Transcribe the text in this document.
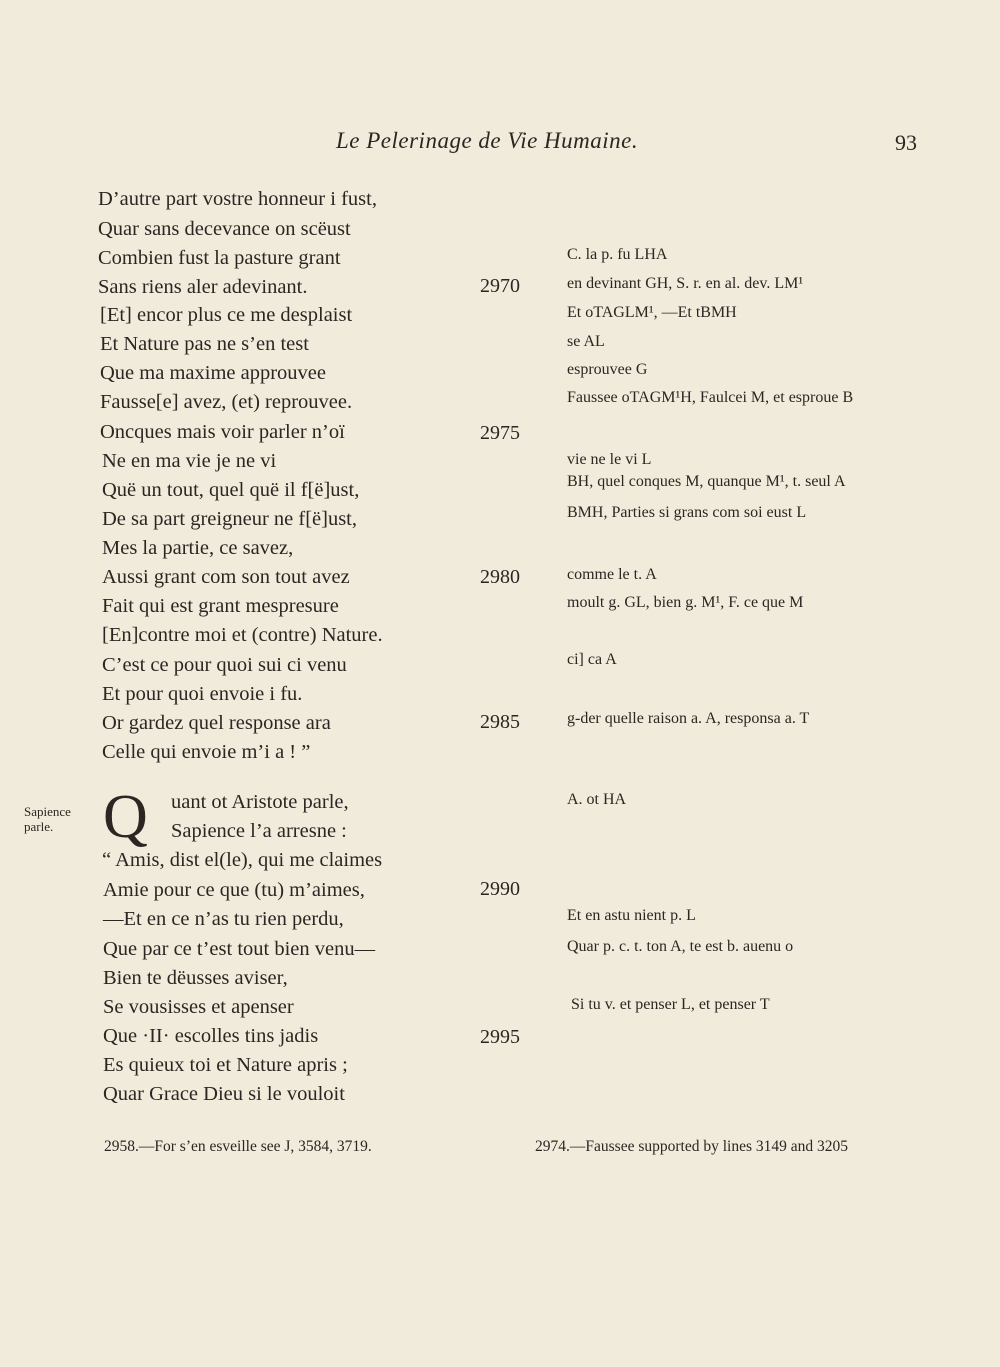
Le Pelerinage de Vie Humaine.	93
D’autre part vostre honneur i fust,
Quar sans decevance on scëust
Combien fust la pasture grant
Sans riens aler adevinant.
[Et] encor plus ce me desplaist
Et Nature pas ne s’en test
Que ma maxime approuvee
Fausse[e] avez, (et) reprouvee.
Oncques mais voir parler n’oï
Ne en ma vie je ne vi
Quë un tout, quel quë il f[ë]ust,
De sa part greigneur ne f[ë]ust,
Mes la partie, ce savez,
Aussi grant com son tout avez
Fait qui est grant mespresure
[En]contre moi et (contre) Nature.
C’est ce pour quoi sui ci venu
Et pour quoi envoie i fu.
Or gardez quel response ara
Celle qui envoie m’i a ! ”
Sapience
parle. Q uant ot Aristote parle,
Sapience l’a arresne :
“ Amis, dist el(le), qui me claimes
Amie pour ce que (tu) m’aimes,
—Et en ce n’as tu rien perdu,
Que par ce t’est tout bien venu—
Bien te dëusses aviser,
Se vousisses et apenser
Que ·II· escolles tins jadis
Es quieux toi et Nature apris ;
Quar Grace Dieu si le vouloit
2970
2975
2980
2985
2990
2995
C. la p. fu LHA
en devinant GH, S. r. en al. dev. LM¹
Et oTAGLM¹, —Et tBMH
se AL
esprouvee G
Faussee oTAGM¹H, Faulcei M, et esproue B
vie ne le vi L
BH, quel conques M, quanque M¹, t. seul A
BMH, Parties si grans com soi eust L
comme le t. A
moult g. GL, bien g. M¹, F. ce que M
ci] ca A
g-der quelle raison a. A, responsa a. T
A. ot HA
Et en astu nient p. L
Quar p. c. t. ton A, te est b. auenu o
Si tu v. et penser L, et penser T
2958.—For s’en esveille see J, 3584, 3719.	2974.—Faussee supported by lines 3149 and 3205
